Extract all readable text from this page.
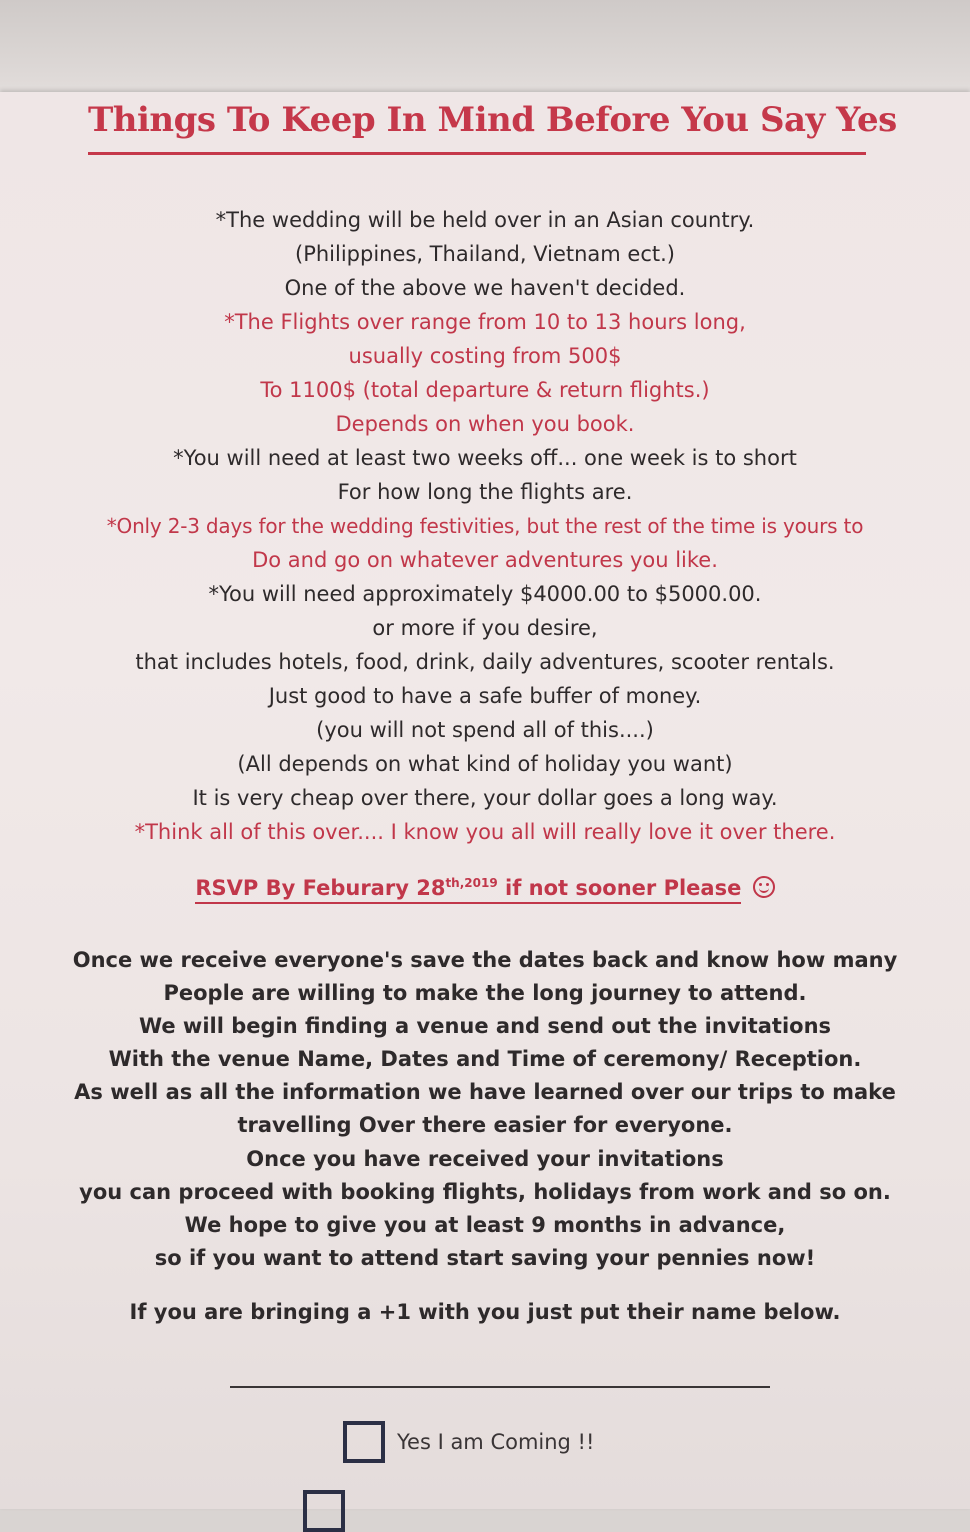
Things To Keep In Mind Before You Say Yes
*The wedding will be held over in an Asian country.
(Philippines, Thailand, Vietnam ect.)
One of the above we haven't decided.
*The Flights over range from 10 to 13 hours long,
usually costing from 500$
To 1100$ (total departure & return flights.)
Depends on when you book.
*You will need at least two weeks off... one week is to short
For how long the flights are.
*Only 2-3 days for the wedding festivities, but the rest of the time is yours to
Do and go on whatever adventures you like.
*You will need approximately $4000.00 to $5000.00.
or more if you desire,
that includes hotels, food, drink, daily adventures, scooter rentals.
Just good to have a safe buffer of money.
(you will not spend all of this....)
(All depends on what kind of holiday you want)
It is very cheap over there, your dollar goes a long way.
*Think all of this over.... I know you all will really love it over there.
RSVP By Feburary $28^{th,2019}$ if not sooner Please
Once we receive everyone's save the dates back and know how many
People are willing to make the long journey to attend.
We will begin finding a venue and send out the invitations
With the venue Name, Dates and Time of ceremony/ Reception.
As well as all the information we have learned over our trips to make
travelling Over there easier for everyone.
Once you have received your invitations
you can proceed with booking flights, holidays from work and so on.
We hope to give you at least 9 months in advance,
so if you want to attend start saving your pennies now!
If you are bringing a +1 with you just put their name below.
Yes I am Coming !!
